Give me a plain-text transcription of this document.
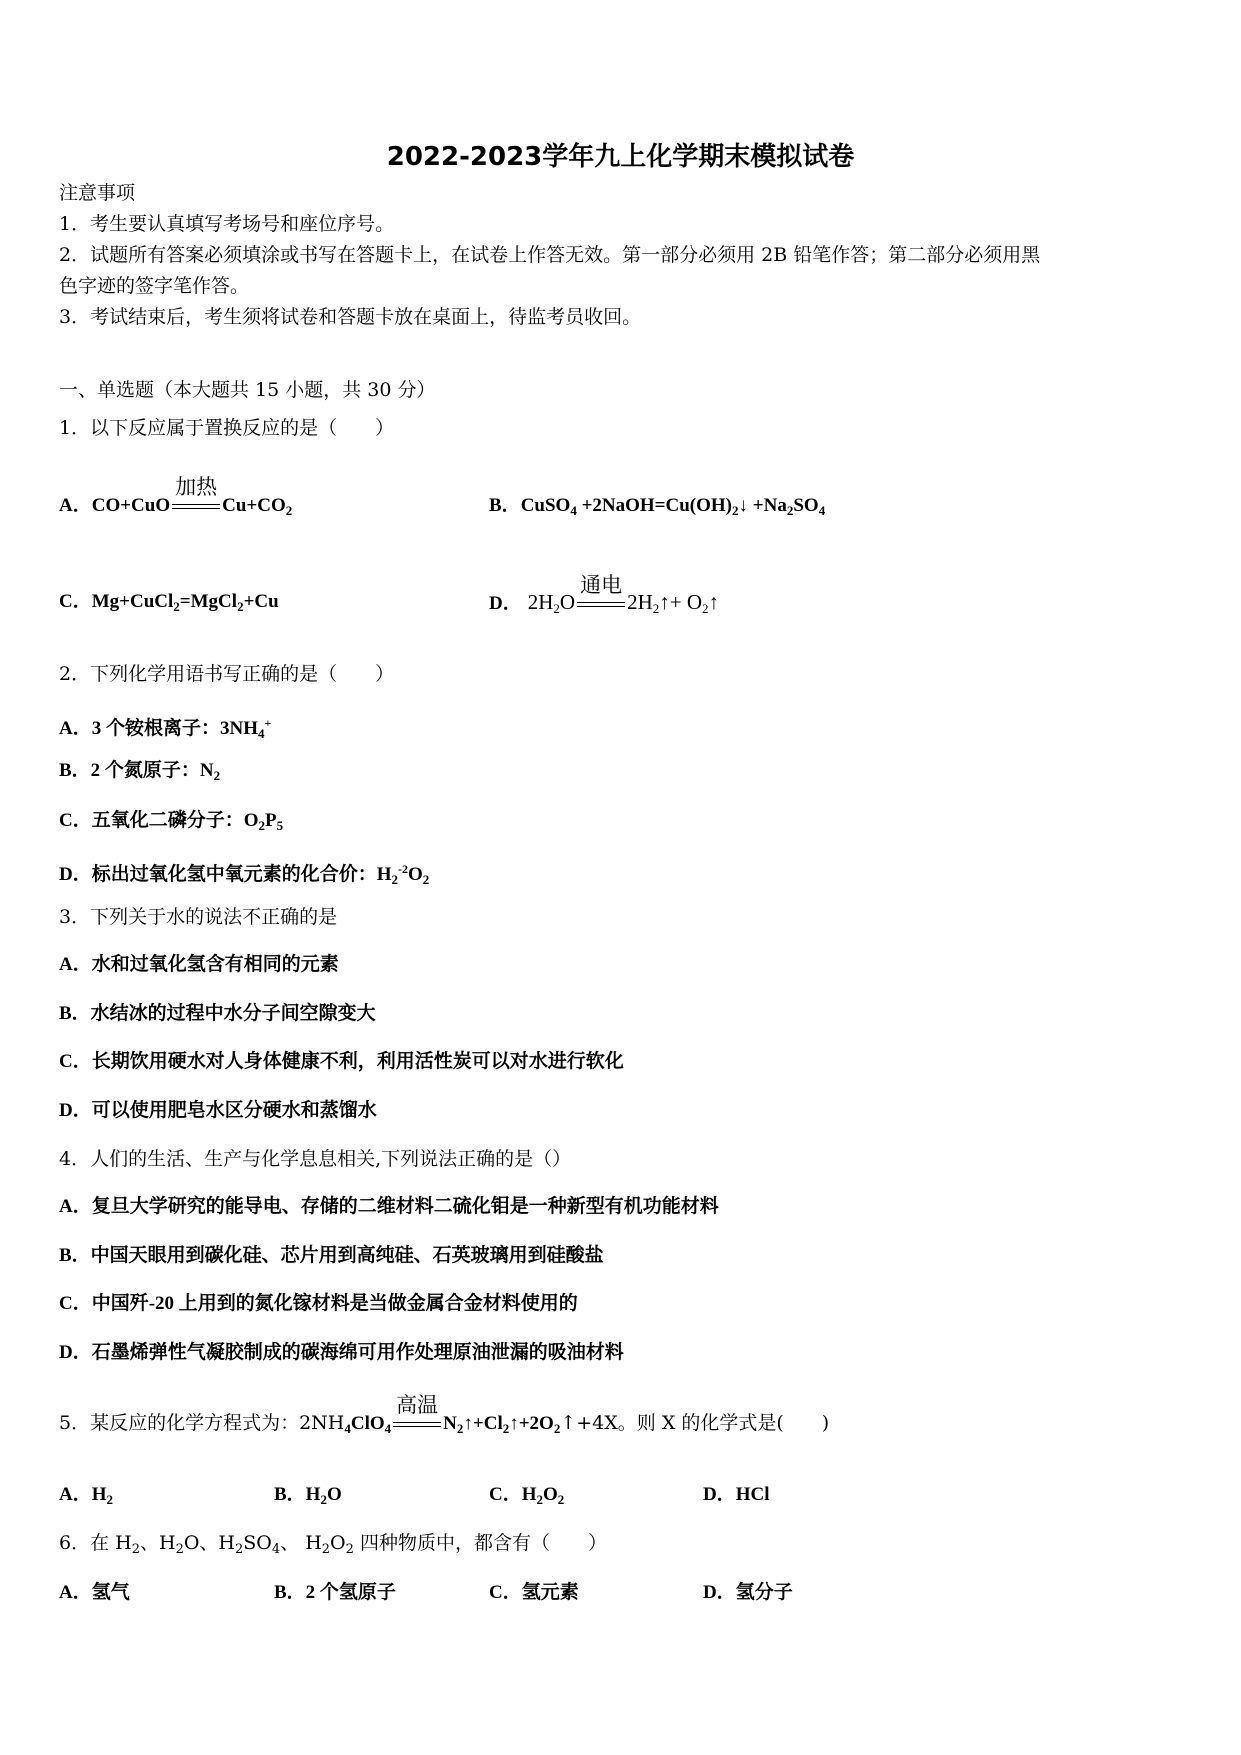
2022-2023学年九上化学期末模拟试卷
注意事项
1．考生要认真填写考场号和座位序号。
2．试题所有答案必须填涂或书写在答题卡上，在试卷上作答无效。第一部分必须用 2B 铅笔作答；第二部分必须用黑
色字迹的签字笔作答。
3．考试结束后，考生须将试卷和答题卡放在桌面上，待监考员收回。
一、单选题（本大题共 15 小题，共 30 分）
1．以下反应属于置换反应的是（　　）
A．CO+CuO
加热
$Cu+CO_2$	B．CuSO$_4$ $+2NaOH=Cu(OH)_2↓ +Na_2SO_4$
C．Mg+CuCl$_2$=MgCl$_2$+Cu	D． $2H_2O$
通电
$2H_2↑+$ $O_2↑$
2．下列化学用语书写正确的是（　　）
A．3 个铵根离子：$3NH_4^+$
B．2 个氮原子：$N_2$
C．五氧化二磷分子：$O_2P_5$
D．标出过氧化氢中氧元素的化合价：$H_2^{-2}O_2$
3．下列关于水的说法不正确的是
A．水和过氧化氢含有相同的元素
B．水结冰的过程中水分子间空隙变大
C．长期饮用硬水对人身体健康不利，利用活性炭可以对水进行软化
D．可以使用肥皂水区分硬水和蒸馏水
4．人们的生活、生产与化学息息相关,下列说法正确的是（）
A．复旦大学研究的能导电、存储的二维材料二硫化钼是一种新型有机功能材料
B．中国天眼用到碳化硅、芯片用到高纯硅、石英玻璃用到硅酸盐
C．中国歼-20 上用到的氮化镓材料是当做金属合金材料使用的
D．石墨烯弹性气凝胶制成的碳海绵可用作处理原油泄漏的吸油材料
5．某反应的化学方程式为：$2NH_4ClO_4$
高温
$N_2↑+Cl_2↑+2O_2↑+4X$。则 X 的化学式是(　　)
A．$H_2$	B．$H_2O$	C．$H_2O_2$	D．HCl
6．在 $H_2$、$H_2O$、$H_2SO_4$、 $H_2O_2$ 四种物质中，都含有（　　）
A．氢气	B．2 个氢原子	C．氢元素	D．氢分子
